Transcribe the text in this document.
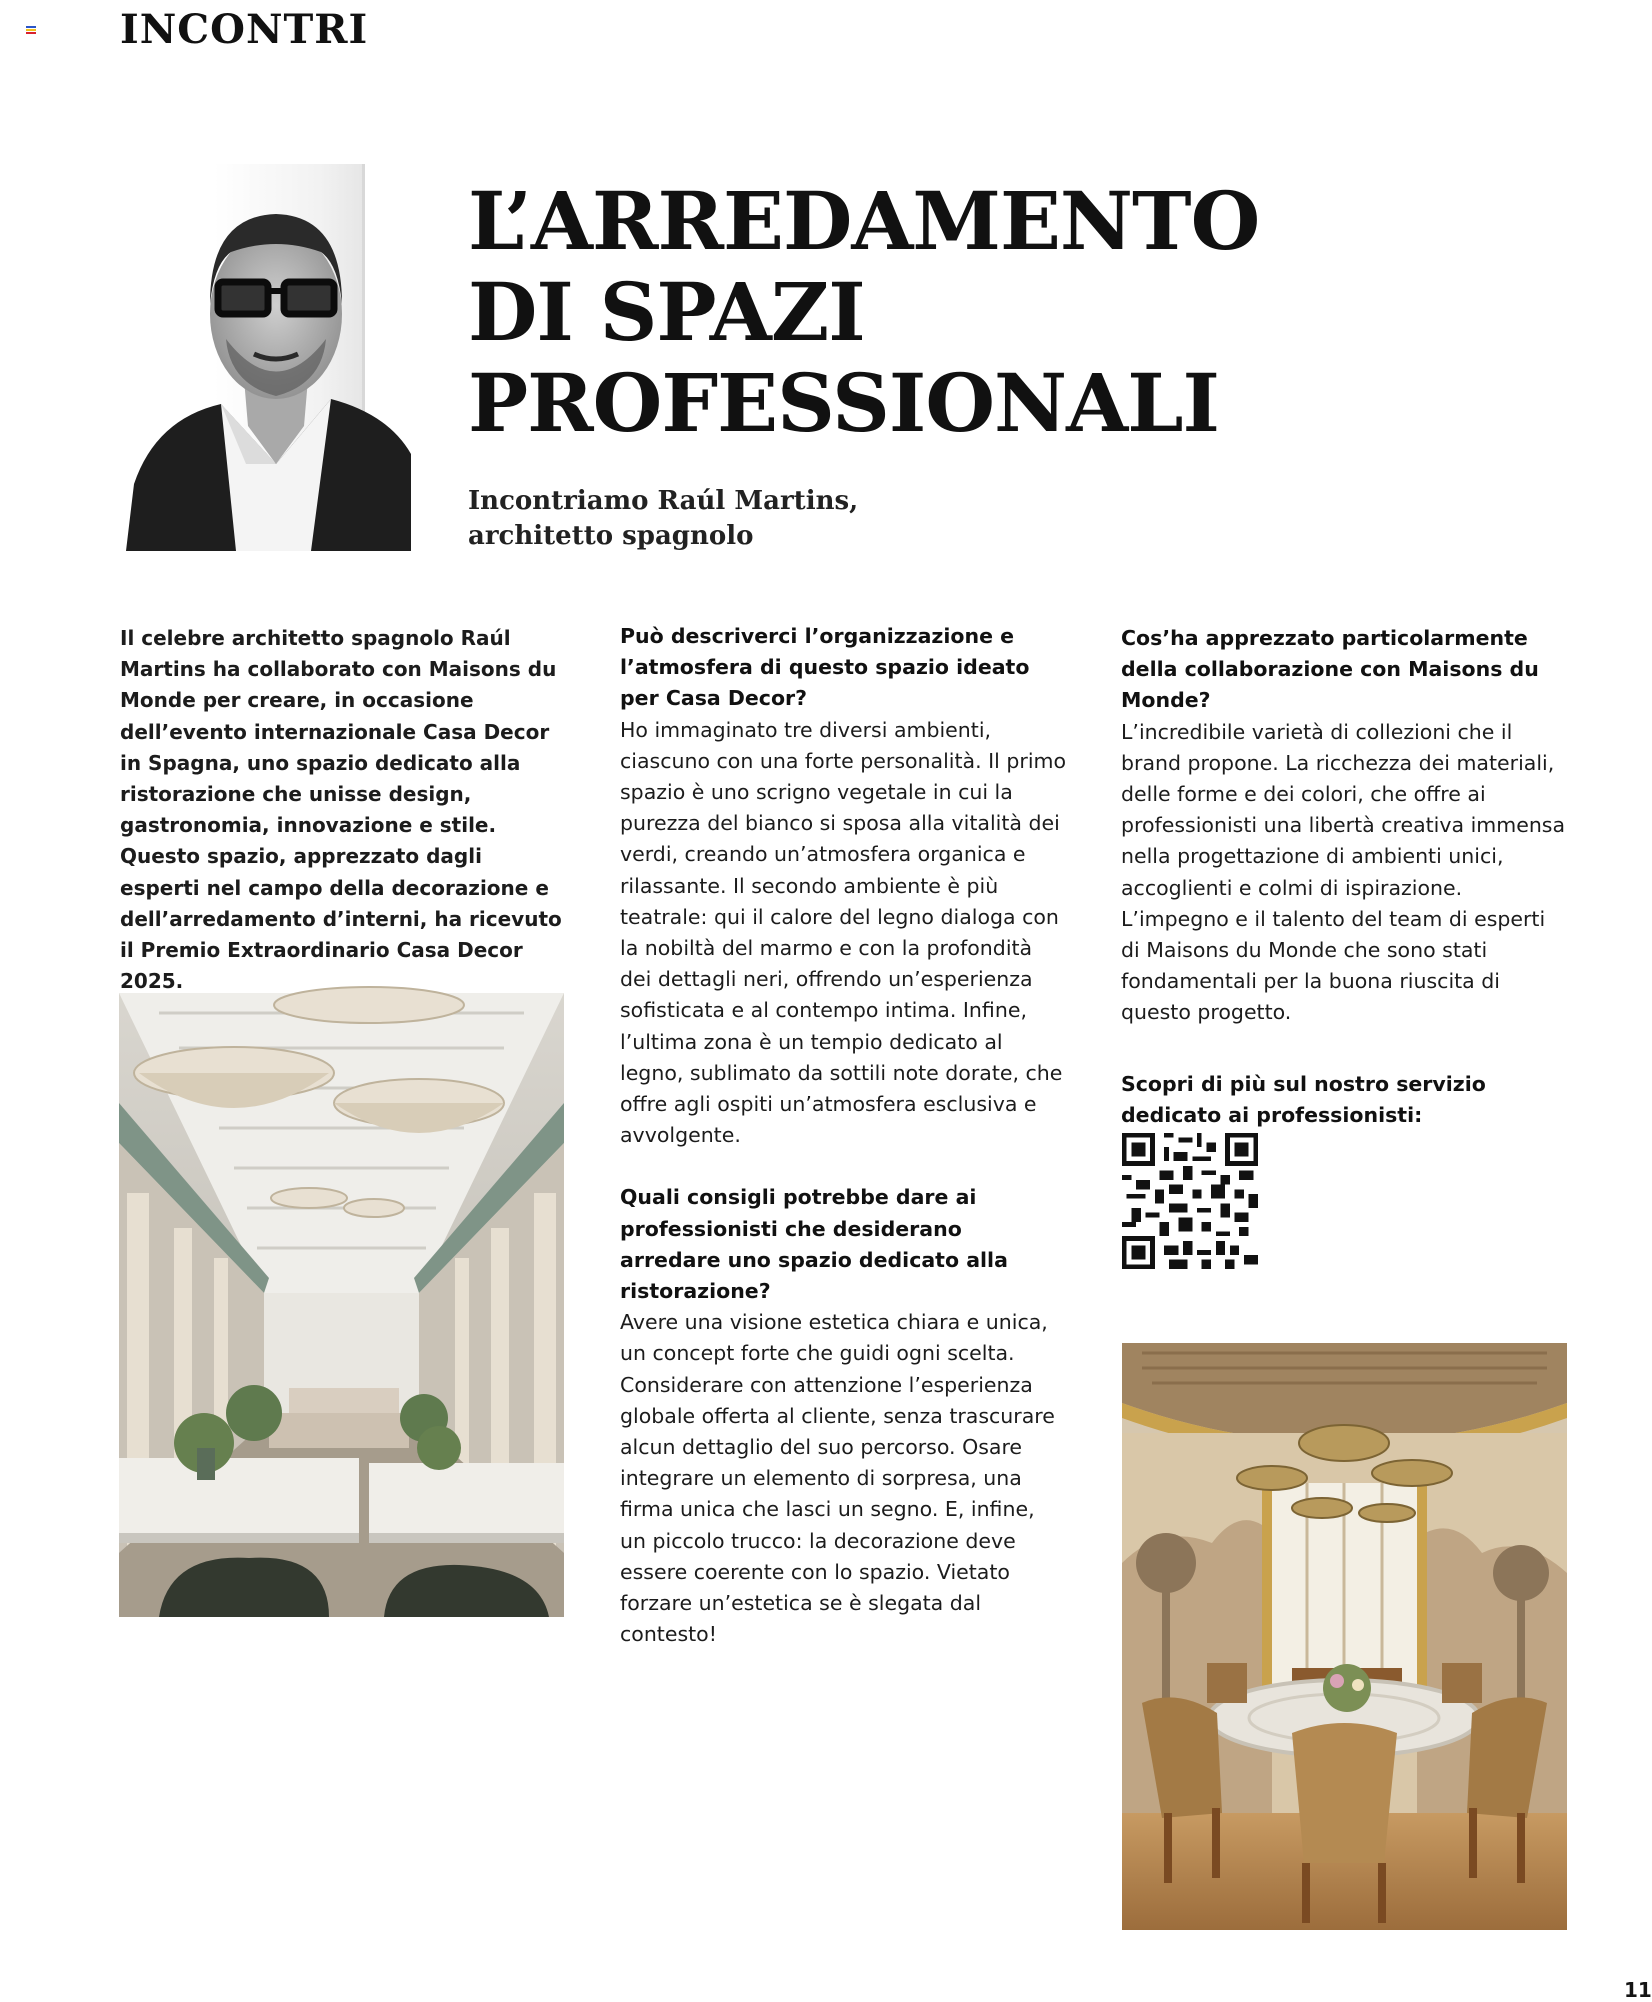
INCONTRI
L’ARREDAMENTO
DI SPAZI
PROFESSIONALI
Incontriamo Raúl Martins,
architetto spagnolo
Il celebre architetto spagnolo Raúl Martins ha collaborato con Maisons du Monde per creare, in occasione dell’evento internazionale Casa Decor in Spagna, uno spazio dedicato alla ristorazione che unisse design, gastronomia, innovazione e stile. Questo spazio, apprezzato dagli esperti nel campo della decorazione e dell’arredamento d’interni, ha ricevuto il Premio Extraordinario Casa Decor 2025.
Può descriverci l’organizzazione e l’atmosfera di questo spazio ideato per Casa Decor?
Ho immaginato tre diversi ambienti, ciascuno con una forte personalità. Il primo spazio è uno scrigno vegetale in cui la purezza del bianco si sposa alla vitalità dei verdi, creando un’atmosfera organica e rilassante. Il secondo ambiente è più teatrale: qui il calore del legno dialoga con la nobiltà del marmo e con la profondità dei dettagli neri, offrendo un’esperienza sofisticata e al contempo intima. Infine, l’ultima zona è un tempio dedicato al legno, sublimato da sottili note dorate, che offre agli ospiti un’atmosfera esclusiva e avvolgente.
Quali consigli potrebbe dare ai professionisti che desiderano arredare uno spazio dedicato alla ristorazione?
Avere una visione estetica chiara e unica, un concept forte che guidi ogni scelta. Considerare con attenzione l’esperienza globale offerta al cliente, senza trascurare alcun dettaglio del suo percorso. Osare integrare un elemento di sorpresa, una firma unica che lasci un segno. E, infine, un piccolo trucco: la decorazione deve essere coerente con lo spazio. Vietato forzare un’estetica se è slegata dal contesto!
Cos’ha apprezzato particolarmente della collaborazione con Maisons du Monde?
L’incredibile varietà di collezioni che il brand propone. La ricchezza dei materiali, delle forme e dei colori, che offre ai professionisti una libertà creativa immensa nella progettazione di ambienti unici, accoglienti e colmi di ispirazione. L’impegno e il talento del team di esperti di Maisons du Monde che sono stati fondamentali per la buona riuscita di questo progetto.
Scopri di più sul nostro servizio dedicato ai professionisti:
11
